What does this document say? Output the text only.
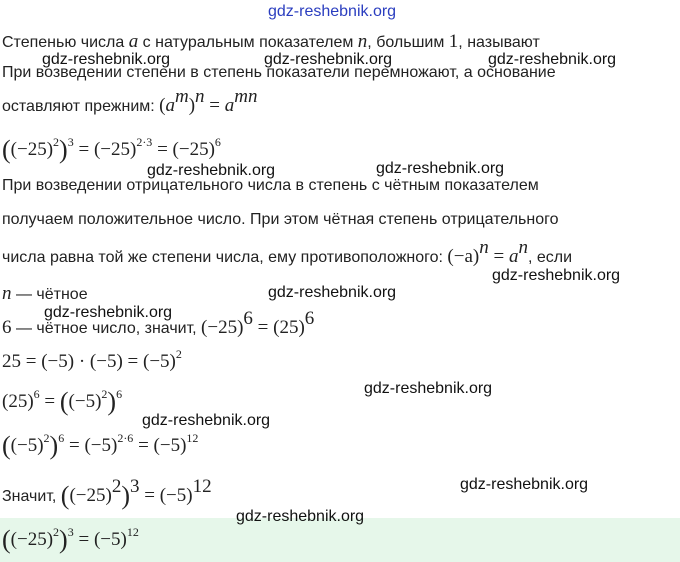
gdz-reshebnik.org
Степенью числа a с натуральным показателем n, большим 1, называют
gdz-reshebnik.org	gdz-reshebnik.org	gdz-reshebnik.org
При возведении степени в степень показатели перемножают, а основание
оставляют прежним: $(a^m)^n = a^{mn}$
$((-25)^2)^3 = (-25)^{2\cdot 3} = (-25)^6$
gdz-reshebnik.org	gdz-reshebnik.org
При возведении отрицательного числа в степень с чётным показателем
получаем положительное число. При этом чётная степень отрицательного
числа равна той же степени числа, ему противоположного: $(-a)^n = a^n$, если
gdz-reshebnik.org
n — чётное	gdz-reshebnik.org
gdz-reshebnik.org
6 — чётное число, значит, $(-25)^6 = (25)^6$
$25 = (-5) \cdot (-5) = (-5)^2$
gdz-reshebnik.org
$(25)^6 = ((-5)^2)^6$
gdz-reshebnik.org
$((-5)^2)^6 = (-5)^{2\cdot 6} = (-5)^{12}$
Значит, $((-25)^2)^3 = (-5)^{12}$	gdz-reshebnik.org
gdz-reshebnik.org
$((-25)^2)^3 = (-5)^{12}$
